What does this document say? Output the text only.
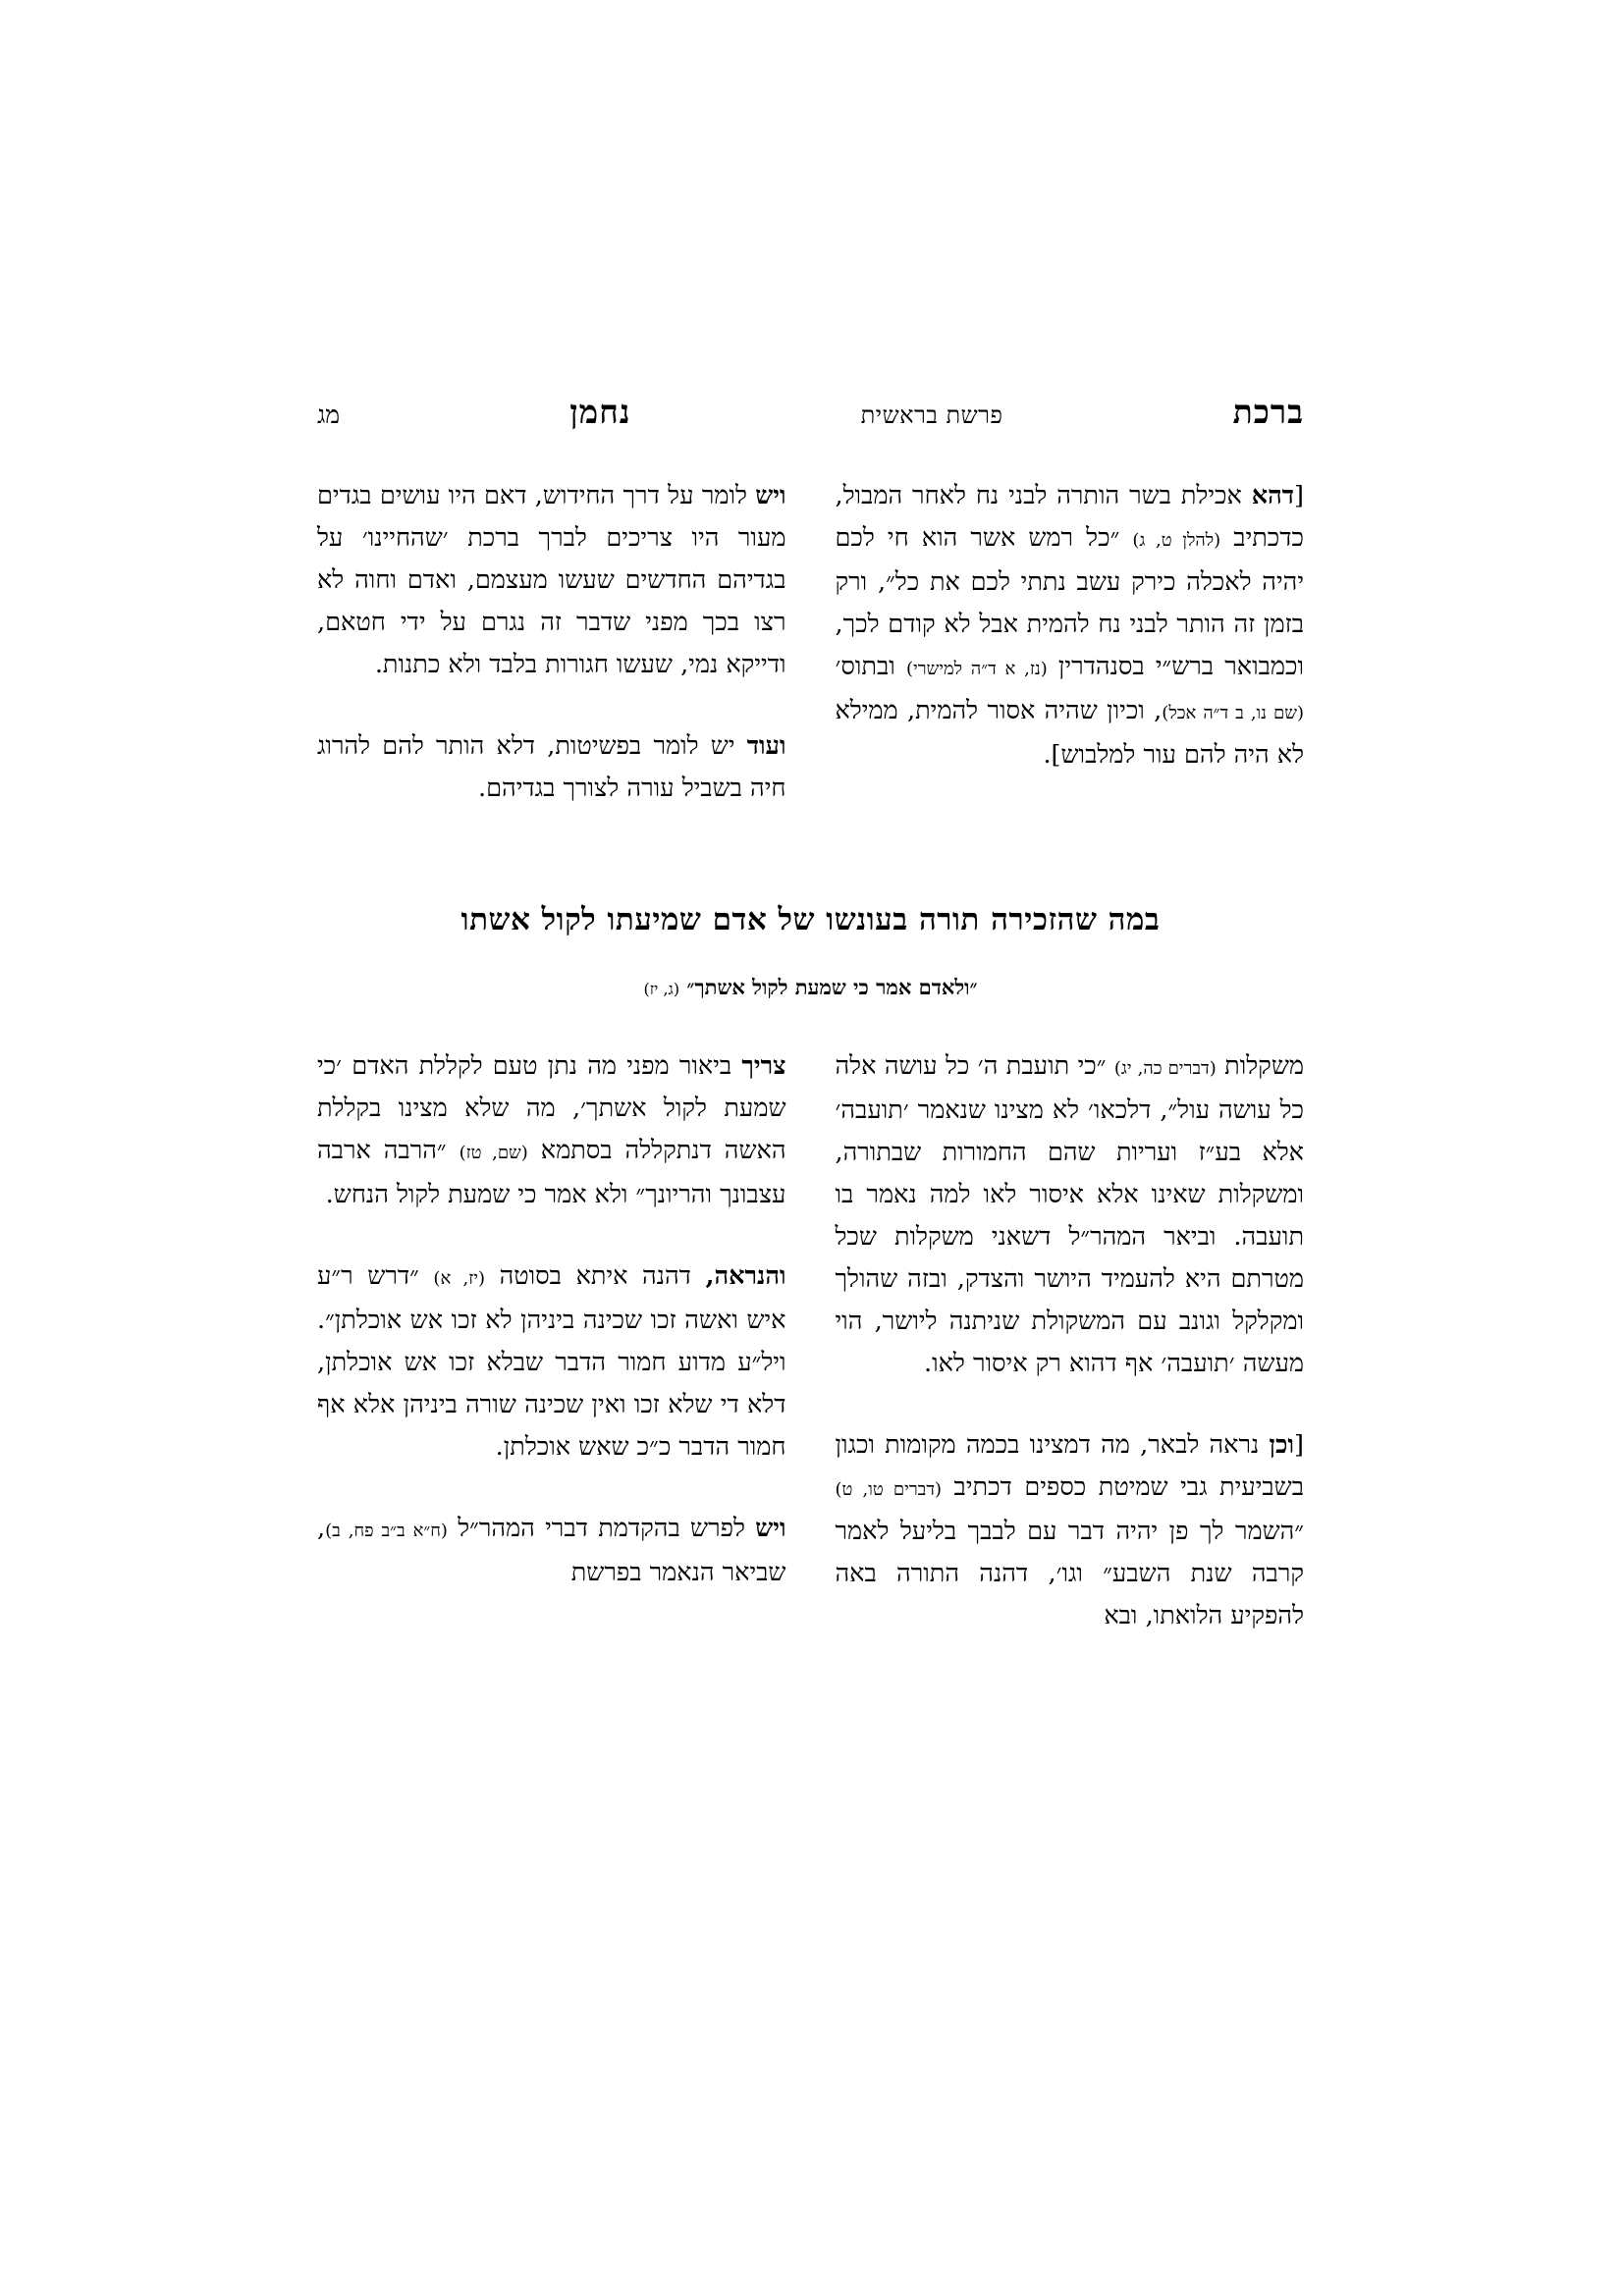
ברכת
פרשת בראשית
נחמן
מג

[דהא אכילת בשר הותרה לבני נח לאחר המבול, כדכתיב (להלן ט, ג) ״כל רמש אשר הוא חי לכם יהיה לאכלה כירק עשב נתתי לכם את כל״, ורק בזמן זה הותר לבני נח להמית אבל לא קודם לכך, וכמבואר ברש״י בסנהדרין (נז, א ד״ה למישרי) ובתוס׳ (שם נו, ב ד״ה אכל), וכיון שהיה אסור להמית, ממילא לא היה להם עור למלבוש].

ויש לומר על דרך החידוש, דאם היו עושים בגדים מעור היו צריכים לברך ברכת ׳שהחיינו׳ על בגדיהם החדשים שעשו מעצמם, ואדם וחוה לא רצו בכך מפני שדבר זה נגרם על ידי חטאם, ודייקא נמי, שעשו חגורות בלבד ולא כתנות.

ועוד יש לומר בפשיטות, דלא הותר להם להרוג חיה בשביל עורה לצורך בגדיהם.

במה שהזכירה תורה בעונשו של אדם שמיעתו לקול אשתו
״ולאדם אמר כי שמעת לקול אשתך״ (ג, יז)

משקלות (דברים כה, יג) ״כי תועבת ה׳ כל עושה אלה כל עושה עול״, דלכאו׳ לא מצינו שנאמר ׳תועבה׳ אלא בע״ז ועריות שהם החמורות שבתורה, ומשקלות שאינו אלא איסור לאו למה נאמר בו תועבה. וביאר המהר״ל דשאני משקלות שכל מטרתם היא להעמיד היושר והצדק, ובזה שהולך ומקלקל וגונב עם המשקולת שניתנה ליושר, הוי מעשה ׳תועבה׳ אף דהוא רק איסור לאו.

[וכן נראה לבאר, מה דמצינו בכמה מקומות וכגון בשביעית גבי שמיטת כספים דכתיב (דברים טו, ט) ״השמר לך פן יהיה דבר עם לבבך בליעל לאמר קרבה שנת השבע״ וגו׳, דהנה התורה באה להפקיע הלואתו, ובא

צריך ביאור מפני מה נתן טעם לקללת האדם ׳כי שמעת לקול אשתך׳, מה שלא מצינו בקללת האשה דנתקללה בסתמא (שם, טז) ״הרבה ארבה עצבונך והריונך״ ולא אמר כי שמעת לקול הנחש.

והנראה, דהנה איתא בסוטה (יז, א) ״דרש ר״ע איש ואשה זכו שכינה ביניהן לא זכו אש אוכלתן״. ויל״ע מדוע חמור הדבר שבלא זכו אש אוכלתן, דלא די שלא זכו ואין שכינה שורה ביניהן אלא אף חמור הדבר כ״כ שאש אוכלתן.

ויש לפרש בהקדמת דברי המהר״ל (ח״א ב״ב פח, ב), שביאר הנאמר בפרשת
